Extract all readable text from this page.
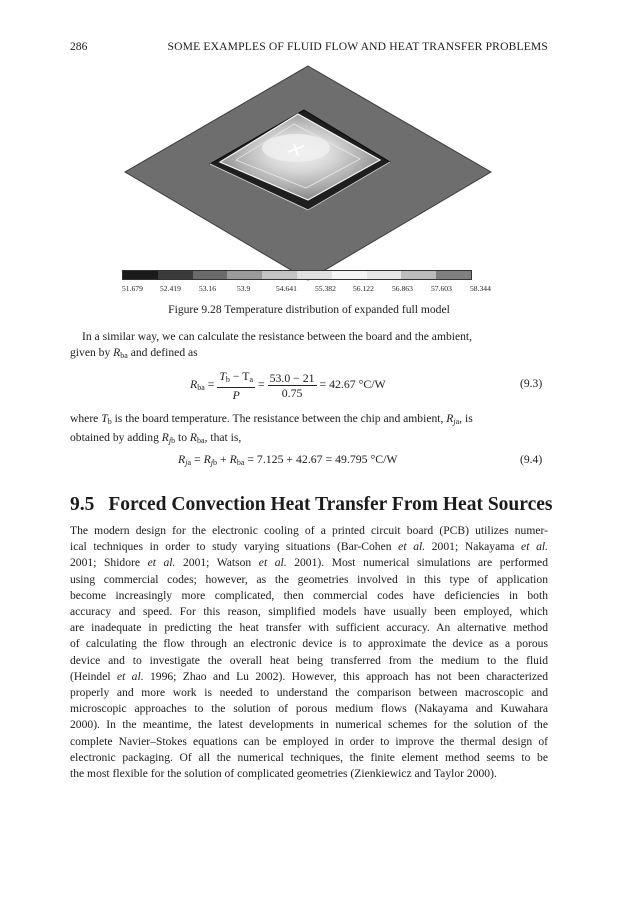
286	SOME EXAMPLES OF FLUID FLOW AND HEAT TRANSFER PROBLEMS
51.679 52.419 53.16	53.9	54.641 55.382 56.122 56.863 57.603 58.344
Figure 9.28 Temperature distribution of expanded full model
In a similar way, we can calculate the resistance between the board and the ambient,
given by $R_{ba}$ and defined as
$R_{ba} = \frac{T_b - T_a}{P} = \frac{53.0 - 21}{0.75} = 42.67$ °C/W	(9.3)
where $T_b$ is the board temperature. The resistance between the chip and ambient, $R_{ja}$, is
obtained by adding $R_{jb}$ to $R_{ba}$, that is,
$R_{ja} = R_{jb} + R_{ba} = 7.125 + 42.67 = 49.795$ °C/W	(9.4)
9.5 Forced Convection Heat Transfer From Heat Sources
The modern design for the electronic cooling of a printed circuit board (PCB) utilizes numer-
ical techniques in order to study varying situations (Bar-Cohen et al. 2001; Nakayama et al.
2001; Shidore et al. 2001; Watson et al. 2001). Most numerical simulations are performed
using commercial codes; however, as the geometries involved in this type of application
become increasingly more complicated, then commercial codes have deficiencies in both
accuracy and speed. For this reason, simplified models have usually been employed, which
are inadequate in predicting the heat transfer with sufficient accuracy. An alternative method
of calculating the flow through an electronic device is to approximate the device as a porous
device and to investigate the overall heat being transferred from the medium to the fluid
(Heindel et al. 1996; Zhao and Lu 2002). However, this approach has not been characterized
properly and more work is needed to understand the comparison between macroscopic and
microscopic approaches to the solution of porous medium flows (Nakayama and Kuwahara
2000). In the meantime, the latest developments in numerical schemes for the solution of the
complete Navier–Stokes equations can be employed in order to improve the thermal design of
electronic packaging. Of all the numerical techniques, the finite element method seems to be
the most flexible for the solution of complicated geometries (Zienkiewicz and Taylor 2000).
